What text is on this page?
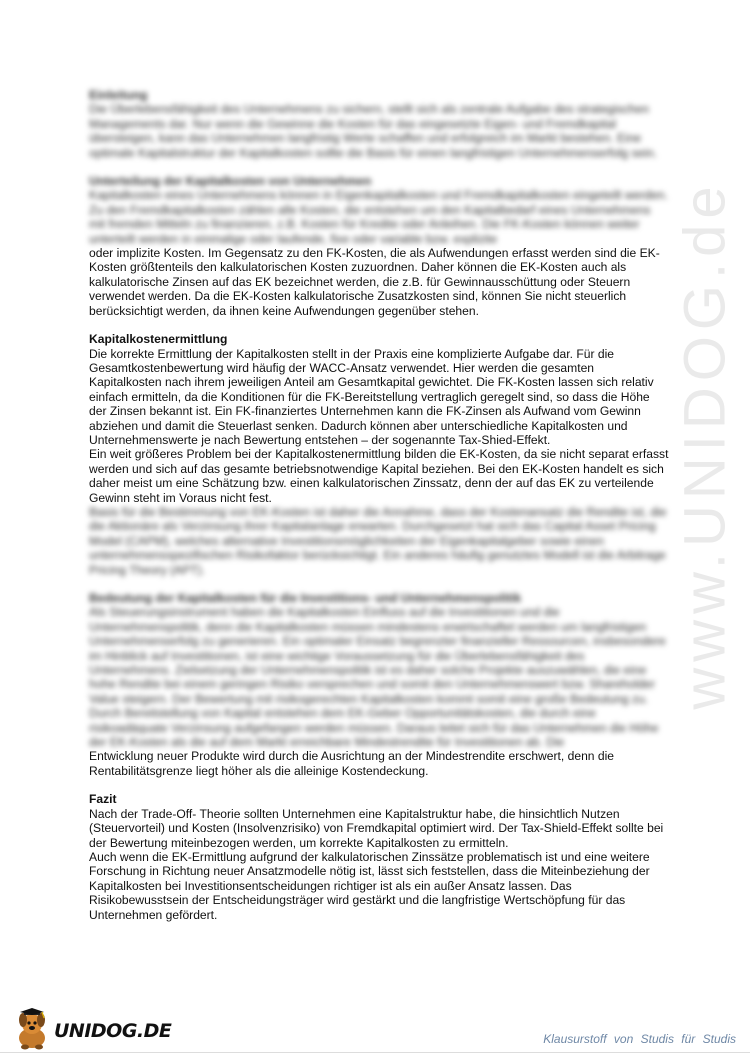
www.UNIDOG.de

Einleitung

Die Überlebensfähigkeit des Unternehmens zu sichern, stellt sich als zentrale Aufgabe des strategischen Managements dar. Nur wenn die Gewinne die Kosten für das eingesetzte Eigen- und Fremdkapital übersteigen, kann das Unternehmen langfristig Werte schaffen und erfolgreich im Markt bestehen. Eine optimale Kapitalstruktur der Kapitalkosten sollte die Basis für einen langfristigen Unternehmenserfolg sein.

Unterteilung der Kapitalkosten von Unternehmen

Kapitalkosten eines Unternehmens können in Eigenkapitalkosten und Fremdkapitalkosten eingeteilt werden. Zu den Fremdkapitalkosten zählen alle Kosten, die entstehen um den Kapitalbedarf eines Unternehmens mit fremden Mitteln zu finanzieren, z.B. Kosten für Kredite oder Anleihen. Die FK-Kosten können weiter unterteilt werden in einmalige oder laufende, fixe oder variable bzw. explizite

oder implizite Kosten. Im Gegensatz zu den FK-Kosten, die als Aufwendungen erfasst werden sind die EK-Kosten größtenteils den kalkulatorischen Kosten zuzuordnen. Daher können die EK-Kosten auch als kalkulatorische Zinsen auf das EK bezeichnet werden, die z.B. für Gewinnausschüttung oder Steuern verwendet werden. Da die EK-Kosten kalkulatorische Zusatzkosten sind, können Sie nicht steuerlich berücksichtigt werden, da ihnen keine Aufwendungen gegenüber stehen.

Kapitalkostenermittlung

Die korrekte Ermittlung der Kapitalkosten stellt in der Praxis eine komplizierte Aufgabe dar. Für die Gesamtkostenbewertung wird häufig der WACC-Ansatz verwendet. Hier werden die gesamten Kapitalkosten nach ihrem jeweiligen Anteil am Gesamtkapital gewichtet. Die FK-Kosten lassen sich relativ einfach ermitteln, da die Konditionen für die FK-Bereitstellung vertraglich geregelt sind, so dass die Höhe der Zinsen bekannt ist. Ein FK-finanziertes Unternehmen kann die FK-Zinsen als Aufwand vom Gewinn abziehen und damit die Steuerlast senken. Dadurch können aber unterschiedliche Kapitalkosten und Unternehmenswerte je nach Bewertung entstehen – der sogenannte Tax-Shied-Effekt.

Ein weit größeres Problem bei der Kapitalkostenermittlung bilden die EK-Kosten, da sie nicht separat erfasst werden und sich auf das gesamte betriebsnotwendige Kapital beziehen. Bei den EK-Kosten handelt es sich daher meist um eine Schätzung bzw. einen kalkulatorischen Zinssatz, denn der auf das EK zu verteilende Gewinn steht im Voraus nicht fest.

Basis für die Bestimmung von EK-Kosten ist daher die Annahme, dass der Kostenansatz die Rendite ist, die die Aktionäre als Verzinsung ihrer Kapitalanlage erwarten. Durchgesetzt hat sich das Capital Asset Pricing Model (CAPM), welches alternative Investitionsmöglichkeiten der Eigenkapitalgeber sowie einen unternehmensspezifischen Risikofaktor berücksichtigt. Ein anderes häufig genutztes Modell ist die Arbitrage Pricing Theory (APT).

Bedeutung der Kapitalkosten für die Investitions- und Unternehmenspolitik

Als Steuerungsinstrument haben die Kapitalkosten Einfluss auf die Investitionen und die Unternehmenspolitik, denn die Kapitalkosten müssen mindestens erwirtschaftet werden um langfristigen Unternehmenserfolg zu generieren. Ein optimaler Einsatz begrenzter finanzieller Ressourcen, insbesondere im Hinblick auf Investitionen, ist eine wichtige Voraussetzung für die Überlebensfähigkeit des Unternehmens. Zielsetzung der Unternehmenspolitik ist es daher solche Projekte auszuwählen, die eine hohe Rendite bei einem geringen Risiko versprechen und somit den Unternehmenswert bzw. Shareholder Value steigern. Der Bewertung mit risikogerechten Kapitalkosten kommt somit eine große Bedeutung zu. Durch Bereitstellung von Kapital entstehen dem EK-Geber Opportunitätskosten, die durch eine risikoadäquate Verzinsung aufgefangen werden müssen. Daraus leitet sich für das Unternehmen die Höhe der EK-Kosten als die auf dem Markt erreichbare Mindestrendite für Investitionen ab. Die

Entwicklung neuer Produkte wird durch die Ausrichtung an der Mindestrendite erschwert, denn die Rentabilitätsgrenze liegt höher als die alleinige Kostendeckung.

Fazit

Nach der Trade-Off- Theorie sollten Unternehmen eine Kapitalstruktur habe, die hinsichtlich Nutzen (Steuervorteil) und Kosten (Insolvenzrisiko) von Fremdkapital optimiert wird. Der Tax-Shield-Effekt sollte bei der Bewertung miteinbezogen werden, um korrekte Kapitalkosten zu ermitteln.

Auch wenn die EK-Ermittlung aufgrund der kalkulatorischen Zinssätze problematisch ist und eine weitere Forschung in Richtung neuer Ansatzmodelle nötig ist, lässt sich feststellen, dass die Miteinbeziehung der Kapitalkosten bei Investitionsentscheidungen richtiger ist als ein außer Ansatz lassen. Das Risikobewusstsein der Entscheidungsträger wird gestärkt und die langfristige Wertschöpfung für das Unternehmen gefördert.

UNIDOG.DE	Klausurstoff von Studis für Studis
